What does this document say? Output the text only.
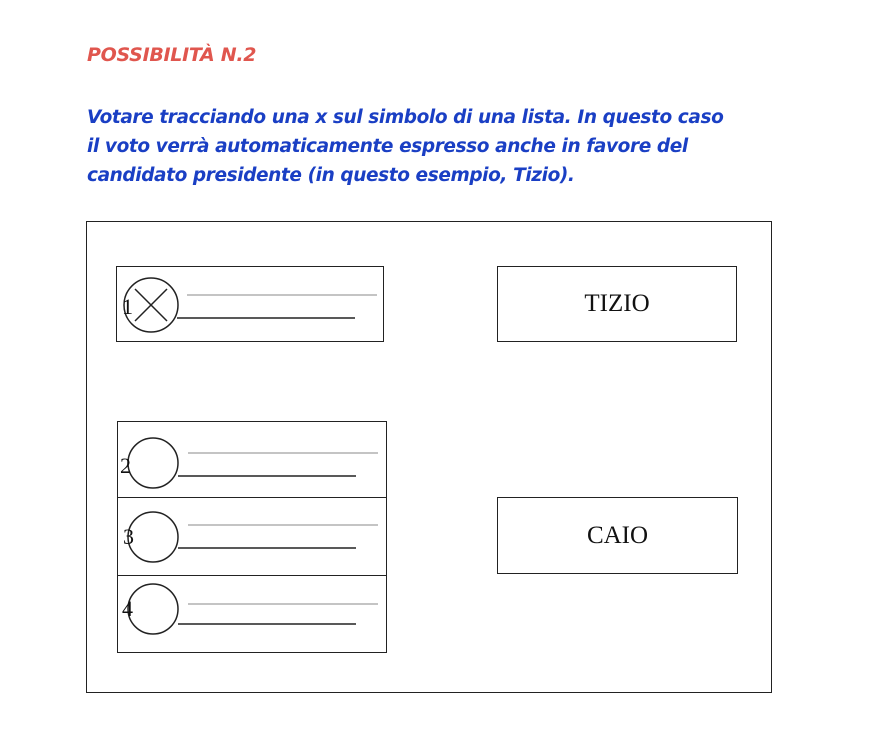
POSSIBILITÀ N.2
Votare tracciando una x sul simbolo di una lista. In questo caso
il voto verrà automaticamente espresso anche in favore del
candidato presidente (in questo esempio, Tizio).
1
2
3
4
TIZIO
CAIO
